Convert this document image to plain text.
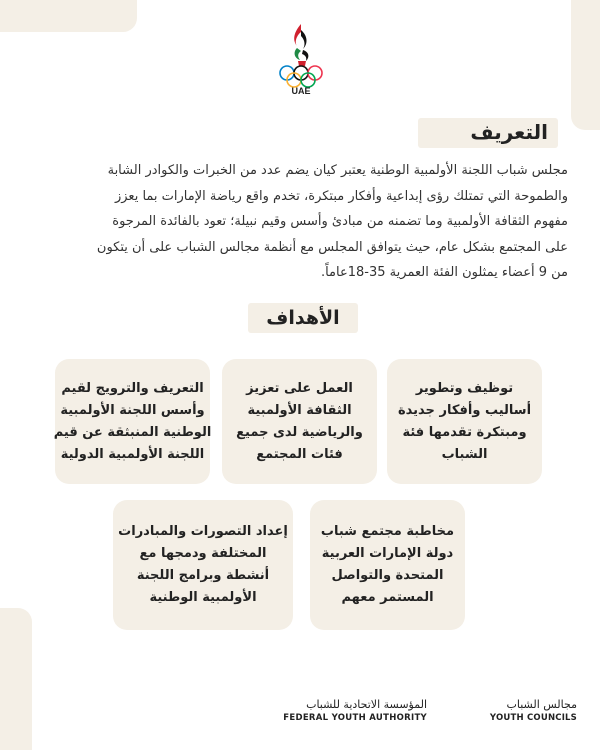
UAE
التعريف
مجلس شباب اللجنة الأولمبية الوطنية يعتبر كيان يضم عدد من الخبرات والكوادر الشابة
والطموحة التي تمتلك رؤى إبداعية وأفكار مبتكرة، تخدم واقع رياضة الإمارات بما يعزز
مفهوم الثقافة الأولمبية وما تضمنه من مبادئ وأسس وقيم نبيلة؛ تعود بالفائدة المرجوة
على المجتمع بشكل عام، حيث يتوافق المجلس مع أنظمة مجالس الشباب على أن يتكون
من 9 أعضاء يمثلون الفئة العمرية 35-18عاماً.
الأهداف
توظيف وتطوير
أساليب وأفكار جديدة
ومبتكرة تقدمها فئة
الشباب
العمل على تعزيز
الثقافة الأولمبية
والرياضية لدى جميع
فئات المجتمع
التعريف والترويج لقيم
وأسس اللجنة الأولمبية
الوطنية المنبثقة عن قيم
اللجنة الأولمبية الدولية
مخاطبة مجتمع شباب
دولة الإمارات العربية
المتحدة والتواصل
المستمر معهم
إعداد التصورات والمبادرات
المختلفة ودمجها مع
أنشطة وبرامج اللجنة
الأولمبية الوطنية
مجالس الشباب
YOUTH COUNCILS
المؤسسة الاتحادية للشباب
FEDERAL YOUTH AUTHORITY
